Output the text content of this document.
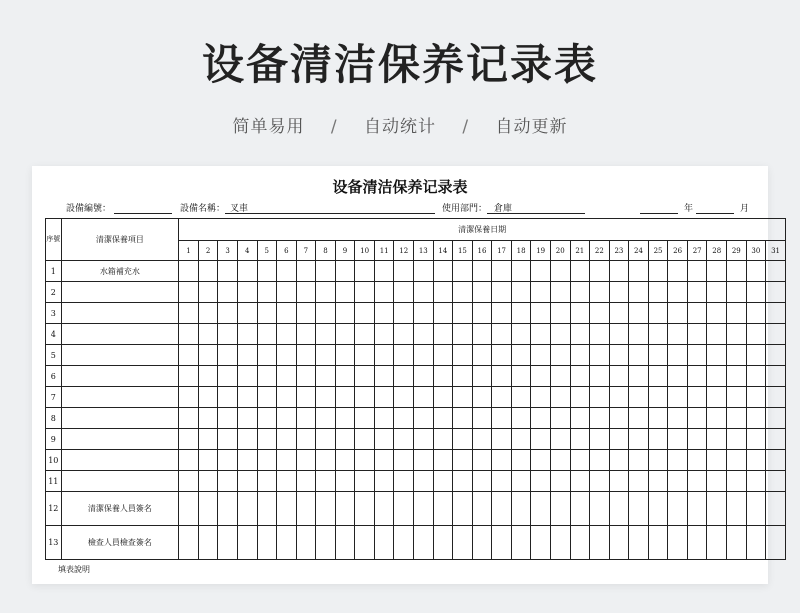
设备清洁保养记录表
简单易用 / 自动统计 / 自动更新
设备清洁保养记录表
設備編號：	設備名稱： 叉車	使用部門： 倉庫	年	月
序號	清潔保養項目	清潔保養日期																														
		1	2	3	4	5	6	7	8	9	10	11	12	13	14	15	16	17	18	19	20	21	22	23	24	25	26	27	28	29	30	31
1	水箱補充水																															
2																																
3																																
4																																
5																																
6																																
7																																
8																																
9																																
10																																
11																																
12	清潔保養人員簽名																															
13	檢查人員檢查簽名																															
填表說明
